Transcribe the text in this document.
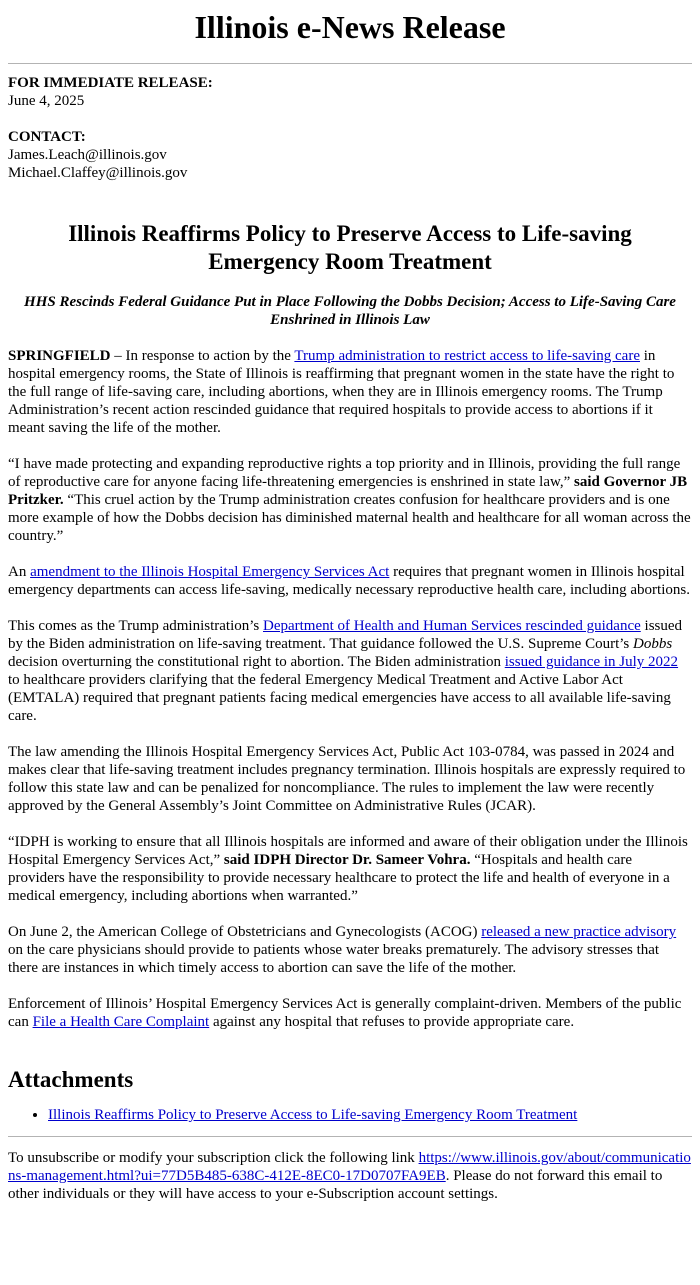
Illinois e-News Release

FOR IMMEDIATE RELEASE:
June 4, 2025

CONTACT:
James.Leach@illinois.gov
Michael.Claffey@illinois.gov

Illinois Reaffirms Policy to Preserve Access to Life-saving Emergency Room Treatment
HHS Rescinds Federal Guidance Put in Place Following the Dobbs Decision; Access to Life-Saving Care Enshrined in Illinois Law

SPRINGFIELD – In response to action by the Trump administration to restrict access to life-saving care in hospital emergency rooms, the State of Illinois is reaffirming that pregnant women in the state have the right to the full range of life-saving care, including abortions, when they are in Illinois emergency rooms. The Trump Administration’s recent action rescinded guidance that required hospitals to provide access to abortions if it meant saving the life of the mother.

“I have made protecting and expanding reproductive rights a top priority and in Illinois, providing the full range of reproductive care for anyone facing life-threatening emergencies is enshrined in state law,” said Governor JB Pritzker. “This cruel action by the Trump administration creates confusion for healthcare providers and is one more example of how the Dobbs decision has diminished maternal health and healthcare for all woman across the country.”

An amendment to the Illinois Hospital Emergency Services Act requires that pregnant women in Illinois hospital emergency departments can access life-saving, medically necessary reproductive health care, including abortions.

This comes as the Trump administration’s Department of Health and Human Services rescinded guidance issued by the Biden administration on life-saving treatment. That guidance followed the U.S. Supreme Court’s Dobbs decision overturning the constitutional right to abortion. The Biden administration issued guidance in July 2022 to healthcare providers clarifying that the federal Emergency Medical Treatment and Active Labor Act (EMTALA) required that pregnant patients facing medical emergencies have access to all available life-saving care.

The law amending the Illinois Hospital Emergency Services Act, Public Act 103-0784, was passed in 2024 and makes clear that life-saving treatment includes pregnancy termination. Illinois hospitals are expressly required to follow this state law and can be penalized for noncompliance. The rules to implement the law were recently approved by the General Assembly’s Joint Committee on Administrative Rules (JCAR).

“IDPH is working to ensure that all Illinois hospitals are informed and aware of their obligation under the Illinois Hospital Emergency Services Act,” said IDPH Director Dr. Sameer Vohra. “Hospitals and health care providers have the responsibility to provide necessary healthcare to protect the life and health of everyone in a medical emergency, including abortions when warranted.”

On June 2, the American College of Obstetricians and Gynecologists (ACOG) released a new practice advisory on the care physicians should provide to patients whose water breaks prematurely. The advisory stresses that there are instances in which timely access to abortion can save the life of the mother.

Enforcement of Illinois’ Hospital Emergency Services Act is generally complaint-driven. Members of the public can File a Health Care Complaint against any hospital that refuses to provide appropriate care.

Attachments
• Illinois Reaffirms Policy to Preserve Access to Life-saving Emergency Room Treatment

To unsubscribe or modify your subscription click the following link https://www.illinois.gov/about/communications-management.html?ui=77D5B485-638C-412E-8EC0-17D0707FA9EB. Please do not forward this email to other individuals or they will have access to your e-Subscription account settings.
